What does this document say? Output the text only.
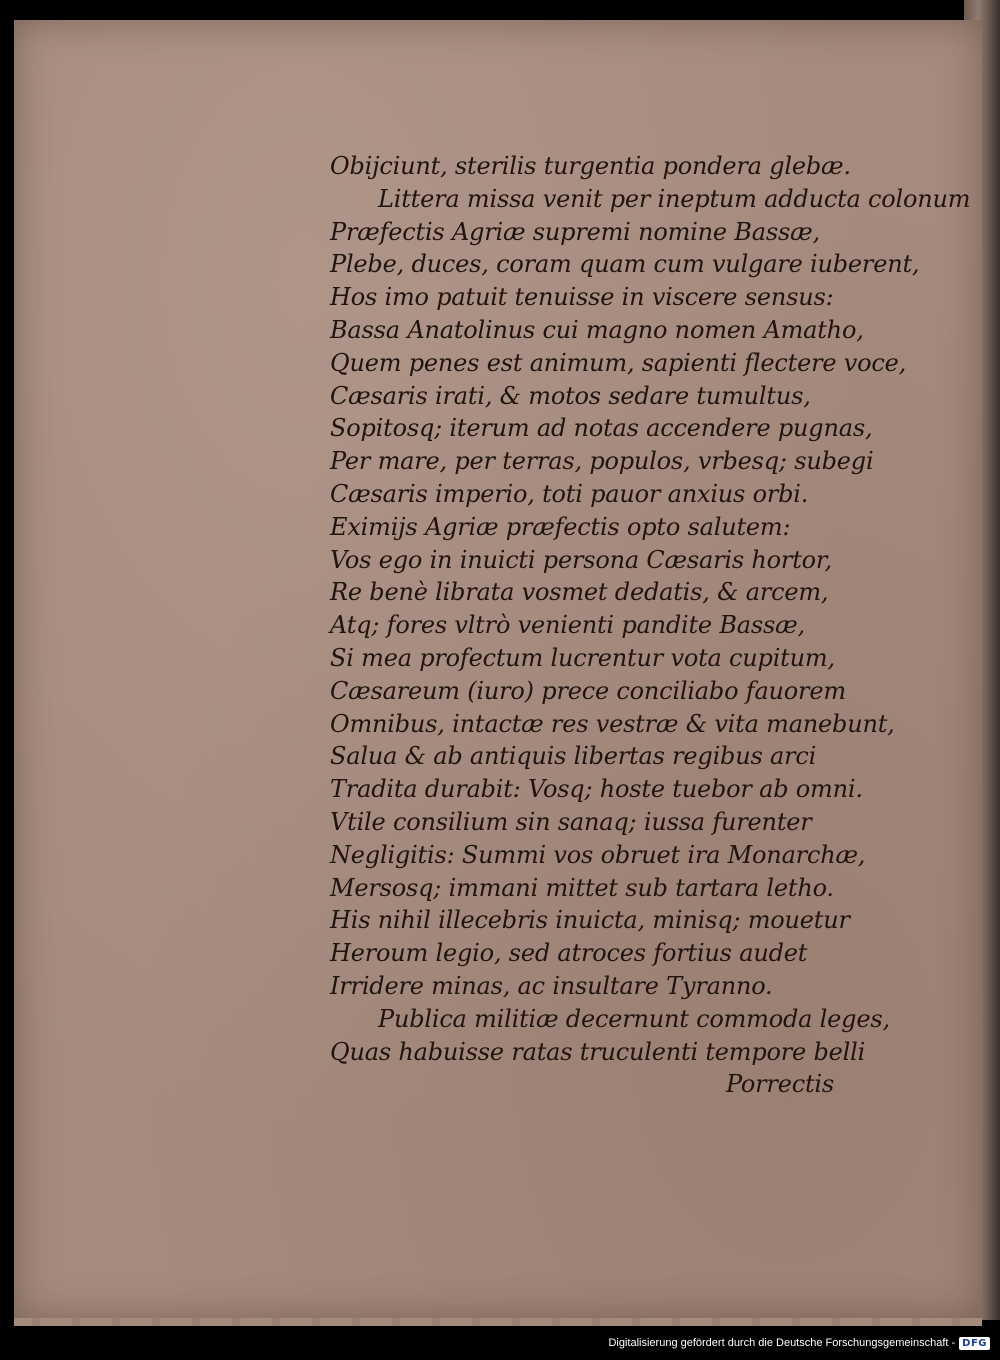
Obijciunt, sterilis turgentia pondera glebæ.
Littera missa venit per ineptum adducta colonum
Præfectis Agriæ supremi nomine Bassæ,
Plebe, duces, coram quam cum vulgare iuberent,
Hos imo patuit tenuisse in viscere sensus:
Bassa Anatolinus cui magno nomen Amatho,
Quem penes est animum, sapienti flectere voce,
Cæsaris irati, & motos sedare tumultus,
Sopitosq; iterum ad notas accendere pugnas,
Per mare, per terras, populos, vrbesq; subegi
Cæsaris imperio, toti pauor anxius orbi.
Eximijs Agriæ præfectis opto salutem:
Vos ego in inuicti persona Cæsaris hortor,
Re benè librata vosmet dedatis, & arcem,
Atq; fores vltrò venienti pandite Bassæ,
Si mea profectum lucrentur vota cupitum,
Cæsareum (iuro) prece conciliabo fauorem
Omnibus, intactæ res vestræ & vita manebunt,
Salua & ab antiquis libertas regibus arci
Tradita durabit: Vosq; hoste tuebor ab omni.
Vtile consilium sin sanaq; iussa furenter
Negligitis: Summi vos obruet ira Monarchæ,
Mersosq; immani mittet sub tartara letho.
His nihil illecebris inuicta, minisq; mouetur
Heroum legio, sed atroces fortius audet
Irridere minas, ac insultare Tyranno.
Publica militiæ decernunt commoda leges,
Quas habuisse ratas truculenti tempore belli
Porrectis
Digitalisierung gefördert durch die Deutsche Forschungsgemeinschaft - DFG
